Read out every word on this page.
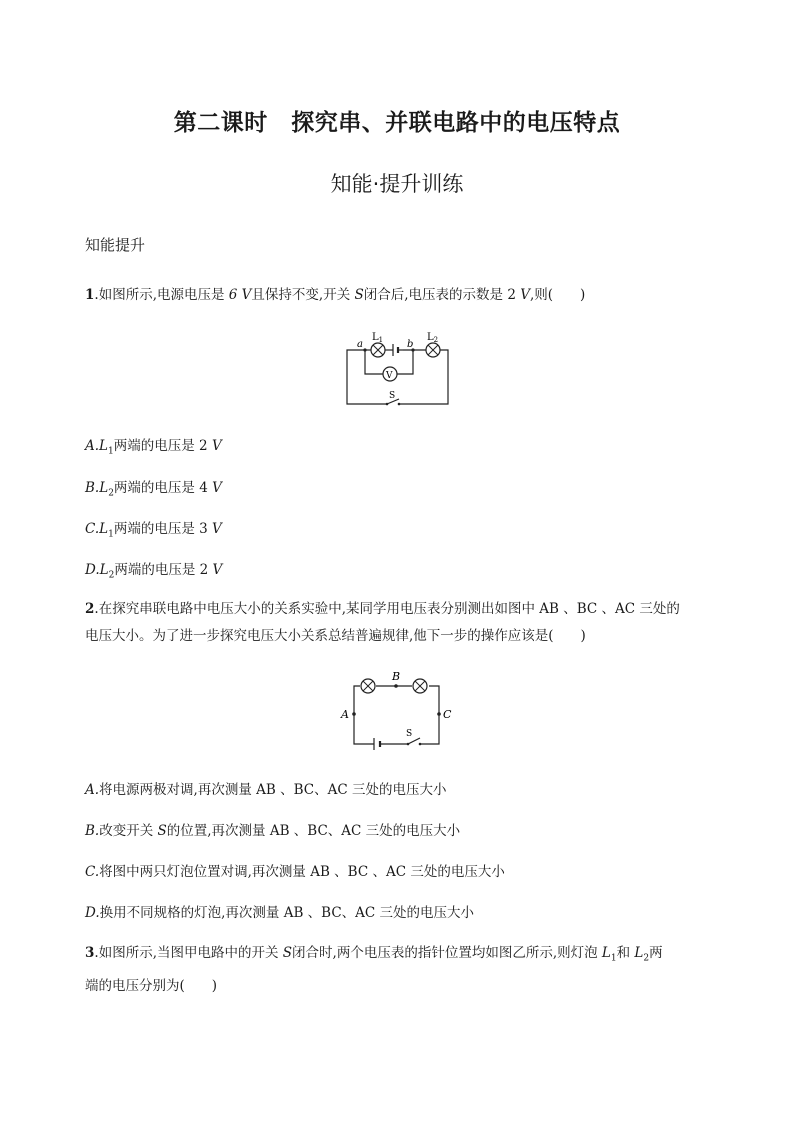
第二课时　探究串、并联电路中的电压特点
知能·提升训练
知能提升
1.如图所示,电源电压是 6 V且保持不变,开关 S闭合后,电压表的示数是 2 V,则(　　)
a	b
$L_1$	$L_2$
V
S
$A.L_1$两端的电压是 2 V
$B.L_2$两端的电压是 4 V
$C.L_1$两端的电压是 3 V
$D.L_2$两端的电压是 2 V
2.在探究串联电路中电压大小的关系实验中,某同学用电压表分别测出如图中 AB 、BC 、AC 三处的
电压大小。为了进一步探究电压大小关系总结普遍规律,他下一步的操作应该是(　　)
B
A	C
S
A.将电源两极对调,再次测量 AB 、BC、AC 三处的电压大小
B.改变开关 S的位置,再次测量 AB 、BC、AC 三处的电压大小
C.将图中两只灯泡位置对调,再次测量 AB 、BC 、AC 三处的电压大小
D.换用不同规格的灯泡,再次测量 AB 、BC、AC 三处的电压大小
3.如图所示,当图甲电路中的开关 S闭合时,两个电压表的指针位置均如图乙所示,则灯泡 $L_1$和 $L_2$两
端的电压分别为(　　)
